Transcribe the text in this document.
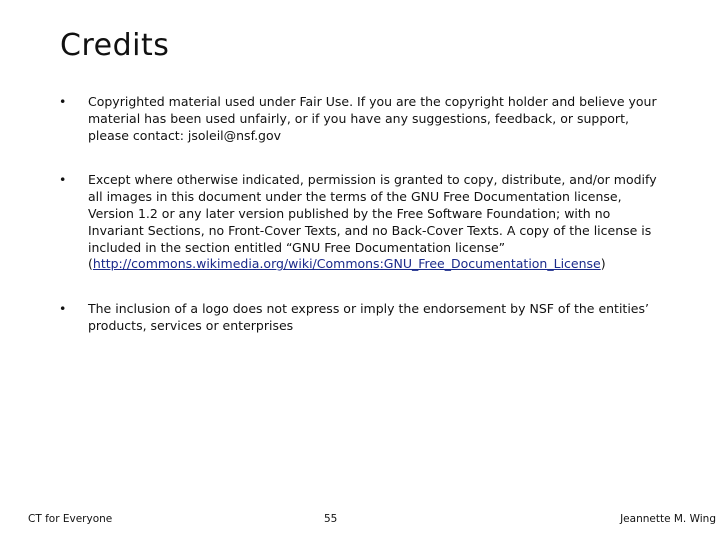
Credits
• Copyrighted material used under Fair Use. If you are the copyright holder and believe your material has been used unfairly, or if you have any suggestions, feedback, or support, please contact: jsoleil@nsf.gov
• Except where otherwise indicated, permission is granted to copy, distribute, and/or modify all images in this document under the terms of the GNU Free Documentation license, Version 1.2 or any later version published by the Free Software Foundation; with no Invariant Sections, no Front-Cover Texts, and no Back-Cover Texts. A copy of the license is included in the section entitled “GNU Free Documentation license” (http://commons.wikimedia.org/wiki/Commons:GNU_Free_Documentation_License)
• The inclusion of a logo does not express or imply the endorsement by NSF of the entities’ products, services or enterprises
CT for Everyone	55	Jeannette M. Wing
